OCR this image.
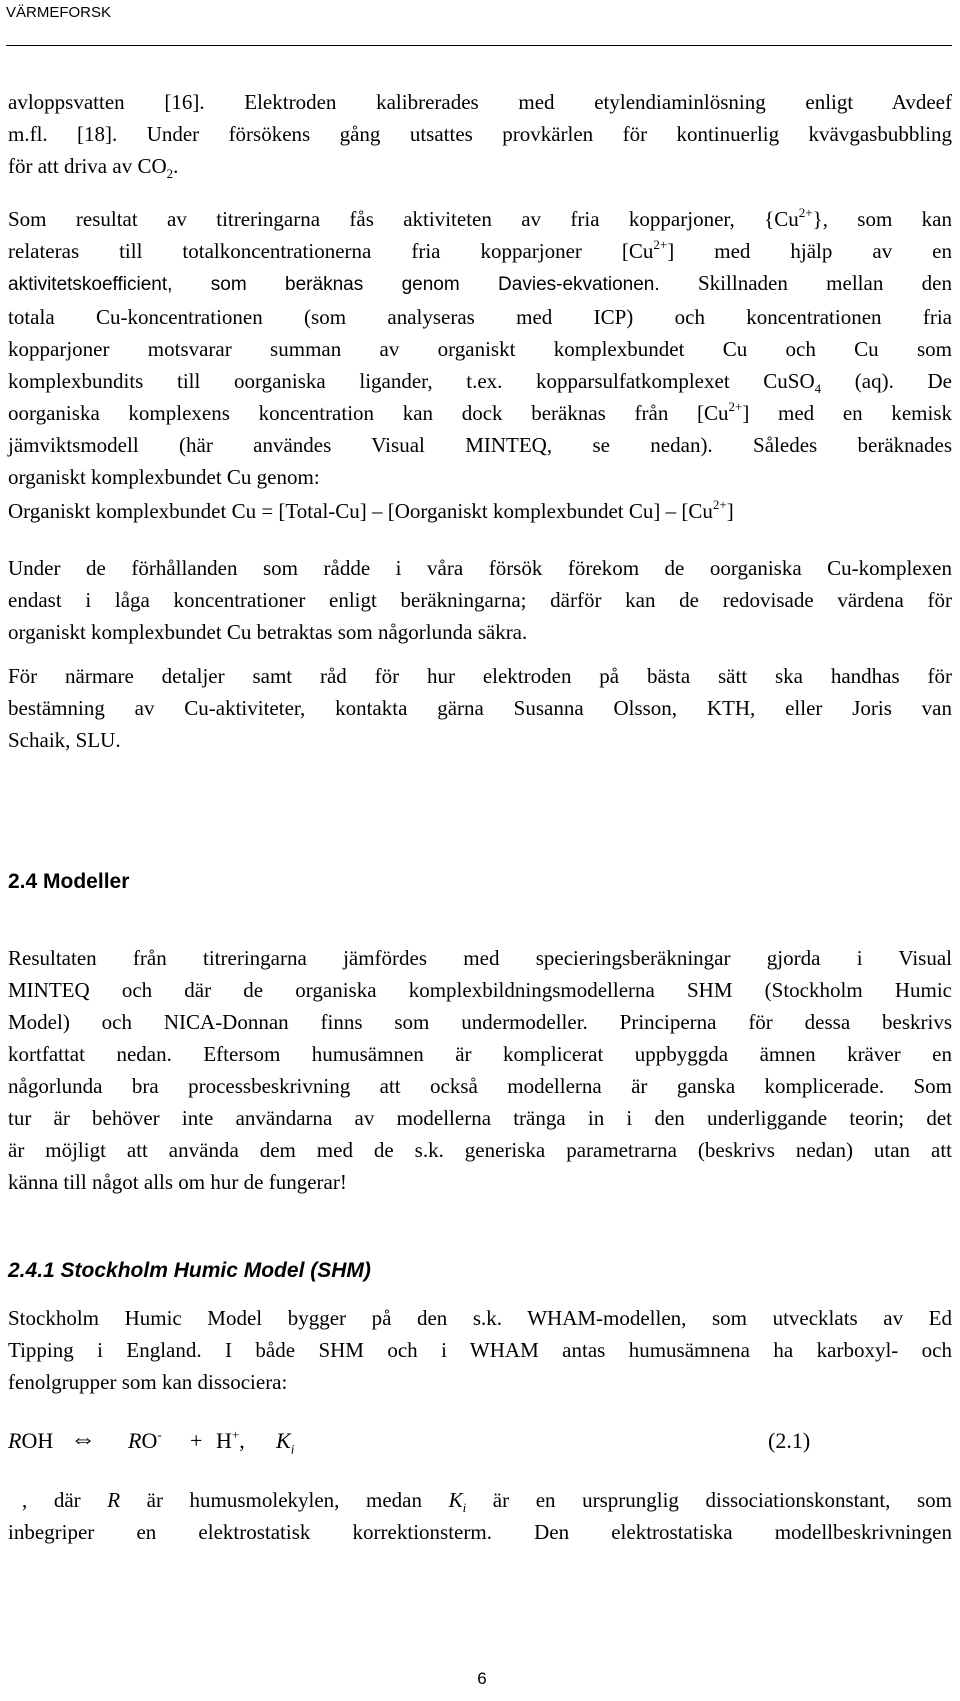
VÄRMEFORSK
avloppsvatten [16]. Elektroden kalibrerades med etylendiaminlösning enligt Avdeef
m.fl. [18]. Under försökens gång utsattes provkärlen för kontinuerlig kvävgasbubbling
för att driva av $CO_2$.
Som resultat av titreringarna fås aktiviteten av fria kopparjoner, $\{Cu^{2+}\}$, som kan
relateras till totalkoncentrationerna fria kopparjoner $[Cu^{2+}]$ med hjälp av en
aktivitetskoefficient, som beräknas genom Davies-ekvationen. Skillnaden mellan den
totala Cu-koncentrationen (som analyseras med ICP) och koncentrationen fria
kopparjoner motsvarar summan av organiskt komplexbundet Cu och Cu som
komplexbundits till oorganiska ligander, t.ex. kopparsulfatkomplexet CuSO$_4$ (aq). De
oorganiska komplexens koncentration kan dock beräknas från $[Cu^{2+}]$ med en kemisk
jämviktsmodell (här användes Visual MINTEQ, se nedan). Således beräknades
organiskt komplexbundet Cu genom:
Organiskt komplexbundet Cu = [Total-Cu] – [Oorganiskt komplexbundet $Cu] - [Cu^{2+}]$
Under de förhållanden som rådde i våra försök förekom de oorganiska Cu-komplexen
endast i låga koncentrationer enligt beräkningarna; därför kan de redovisade värdena för
organiskt komplexbundet Cu betraktas som någorlunda säkra.
För närmare detaljer samt råd för hur elektroden på bästa sätt ska handhas för
bestämning av Cu-aktiviteter, kontakta gärna Susanna Olsson, KTH, eller Joris van
Schaik, SLU.
2.4 Modeller
Resultaten från titreringarna jämfördes med specieringsberäkningar gjorda i Visual
MINTEQ och där de organiska komplexbildningsmodellerna SHM (Stockholm Humic
Model) och NICA-Donnan finns som undermodeller. Principerna för dessa beskrivs
kortfattat nedan. Eftersom humusämnen är komplicerat uppbyggda ämnen kräver en
någorlunda bra processbeskrivning att också modellerna är ganska komplicerade. Som
tur är behöver inte användarna av modellerna tränga in i den underliggande teorin; det
är möjligt att använda dem med de s.k. generiska parametrarna (beskrivs nedan) utan att
känna till något alls om hur de fungerar!
2.4.1 Stockholm Humic Model (SHM)
Stockholm Humic Model bygger på den s.k. WHAM-modellen, som utvecklats av Ed
Tipping i England. I både SHM och i WHAM antas humusämnena ha karboxyl- och
fenolgrupper som kan dissociera:
ROH ⇔ RO- + H+, $K_i$	(2.1)
, där R är humusmolekylen, medan $K_i$ är en ursprunglig dissociationskonstant, som
inbegriper en elektrostatisk korrektionsterm. Den elektrostatiska modellbeskrivningen
6
